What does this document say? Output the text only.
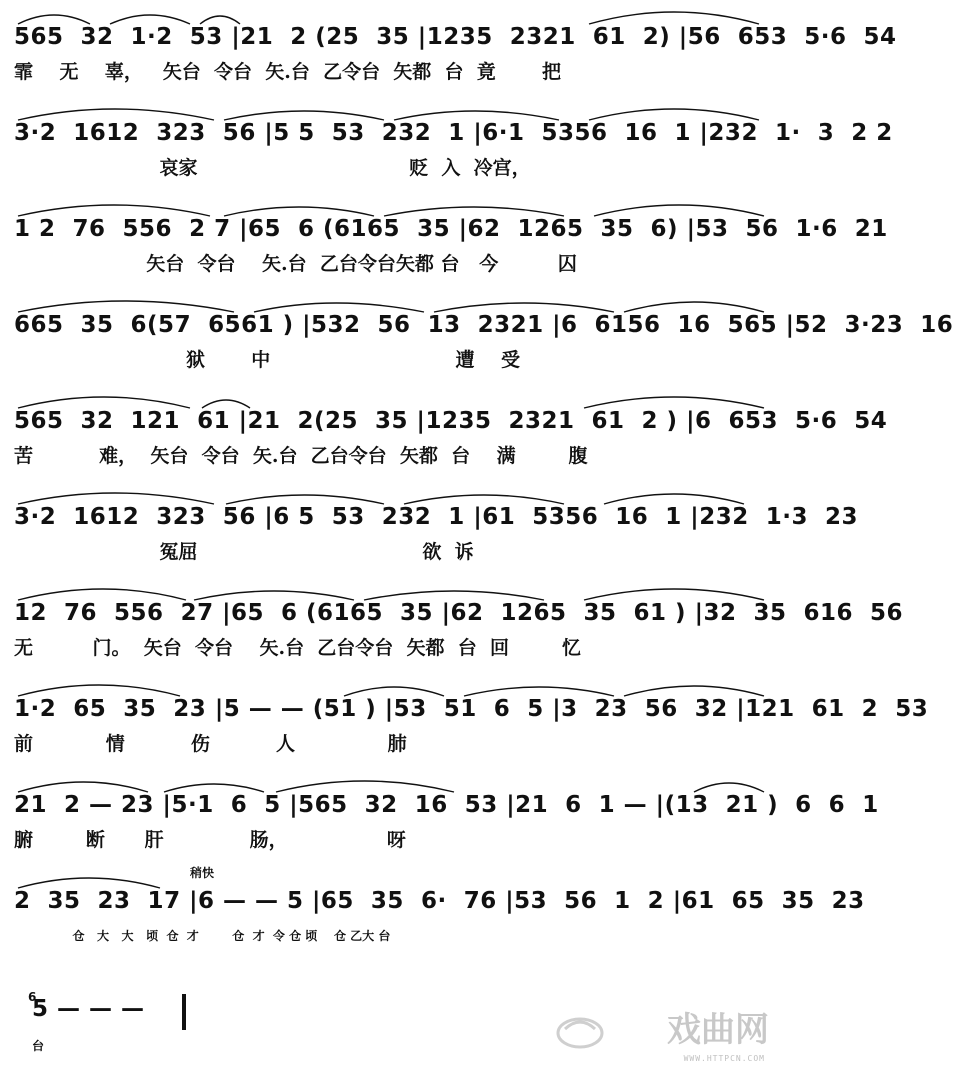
565  32  1·2  53 |21  2 (25  35 |1235  2321  61  2) |56  653  5·6  54
霏    无    辜，   矢台  令台  矢.台  乙令台  矢都  台  竟       把
3·2  1612  323  56 |5 5  53  232  1 |6·1  5356  16  1 |232  1·  3  2 2
哀家                                贬  入  冷宫，
1 2  76  556  2 7 |65  6 (6165  35 |62  1265  35  6) |53  56  1·6  21
矢台  令台    矢.台  乙台令台矢都 台   今         囚
665  35  6(57  6561 ) |532  56  13  2321 |6  6156  16  565 |52  3·23  16
狱       中                            遭    受
565  32  121  61 |21  2(25  35 |1235  2321  61  2 ) |6  653  5·6  54
苦          难，  矢台  令台  矢.台  乙台令台  矢都  台    满        腹
3·2  1612  323  56 |6 5  53  232  1 |61  5356  16  1 |232  1·3  23
冤屈                                  欲  诉
12  76  556  27 |65  6 (6165  35 |62  1265  35  61 ) |32  35  616  56
无         门。  矢台  令台    矢.台  乙台令台  矢都  台  回        忆
1·2  65  35  23 |5 — — (51 ) |53  51  6  5 |3  23  56  32 |121  61  2  53
前           情          伤          人              肺
21  2 — 23 |5·1  6  5 |565  32  16  53 |21  6  1 — |(13  21 )  6  6  1
腑        断      肝             肠，               呀
稍快
2  35  23  17 |6 — — 5 |65  35  6·  76 |53  56  1  2 |61  65  35  23
仓   大   大   顷  仓  才        仓  才  令 仓 顷    仓 乙大 台
6
5 — — —
台	戏曲网
WWW.HTTPCN.COM
